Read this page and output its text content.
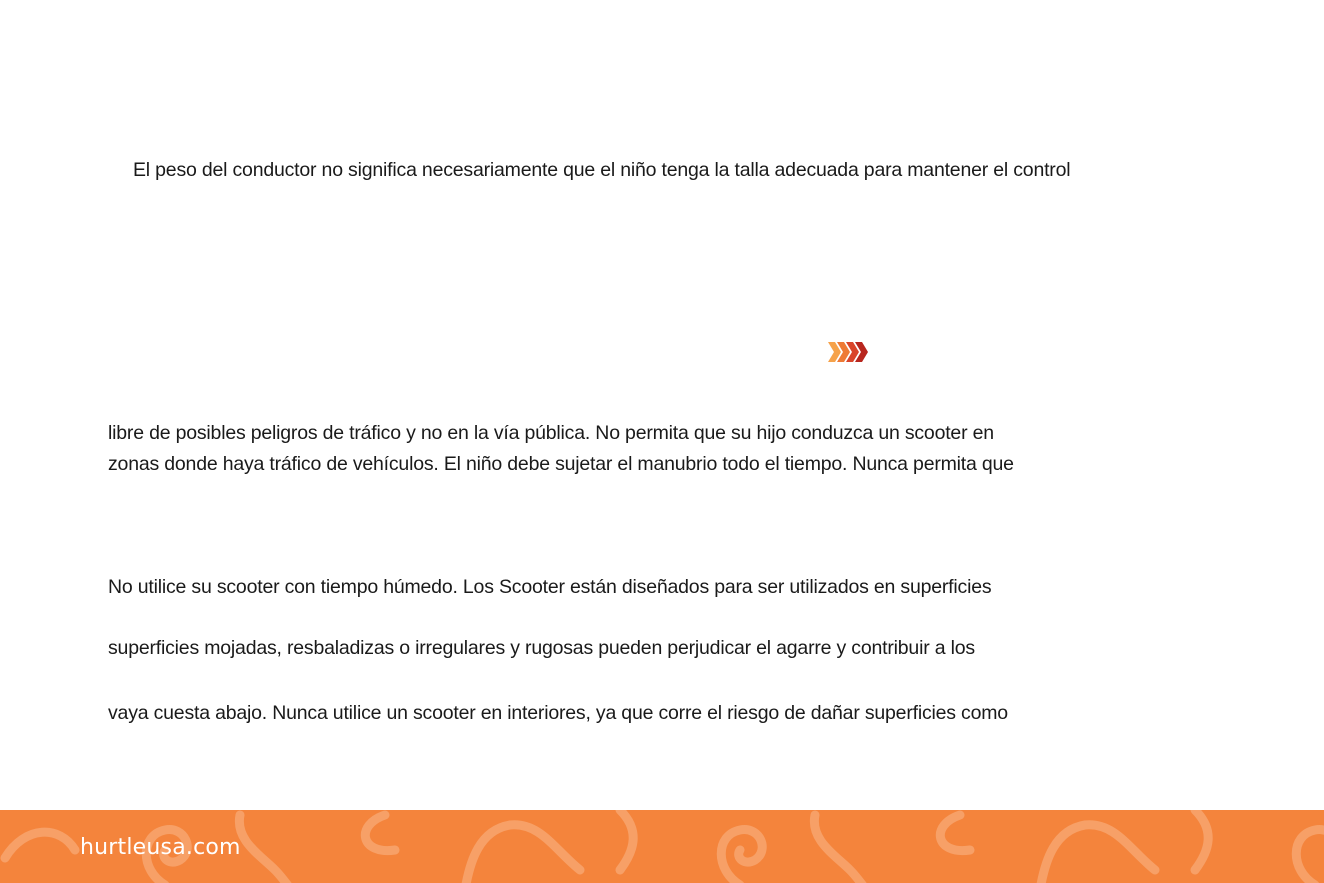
El peso del conductor no significa necesariamente que el niño tenga la talla adecuada para mantener el control
libre de posibles peligros de tráfico y no en la vía pública. No permita que su hijo conduzca un scooter en
zonas donde haya tráfico de vehículos. El niño debe sujetar el manubrio todo el tiempo. Nunca permita que
No utilice su scooter con tiempo húmedo. Los Scooter están diseñados para ser utilizados en superficies
superficies mojadas, resbaladizas o irregulares y rugosas pueden perjudicar el agarre y contribuir a los
vaya cuesta abajo. Nunca utilice un scooter en interiores, ya que corre el riesgo de dañar superficies como
hurtleusa.com
